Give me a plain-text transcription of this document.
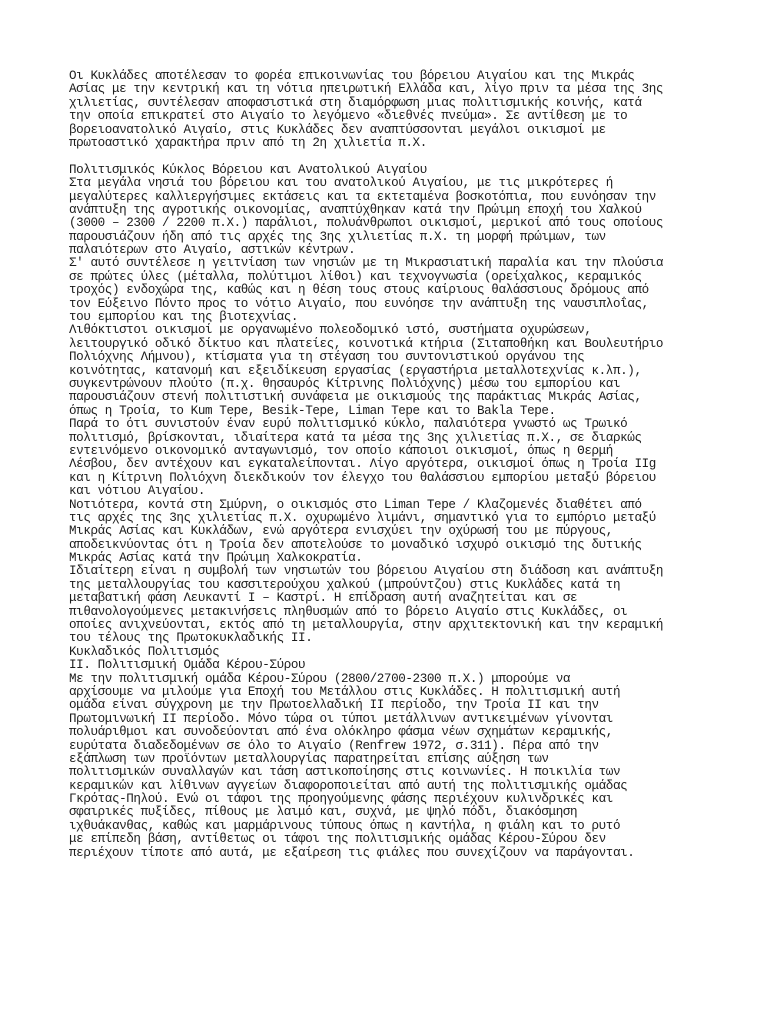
Οι Κυκλάδες αποτέλεσαν το φορέα επικοινωνίας του βόρειου Αιγαίου και της Μικράς
Ασίας με την κεντρική και τη νότια ηπειρωτική Ελλάδα και, λίγο πριν τα μέσα της 3ης
χιλιετίας, συντέλεσαν αποφασιστικά στη διαμόρφωση μιας πολιτισμικής κοινής, κατά
την οποία επικρατεί στο Αιγαίο το λεγόμενο «διεθνές πνεύμα». Σε αντίθεση με το
βορειοανατολικό Αιγαίο, στις Κυκλάδες δεν αναπτύσσονται μεγάλοι οικισμοί με
πρωτοαστικό χαρακτήρα πριν από τη 2η χιλιετία π.Χ.
Πολιτισμικός Κύκλος Βόρειου και Ανατολικού Αιγαίου
Στα μεγάλα νησιά του βόρειου και του ανατολικού Αιγαίου, με τις μικρότερες ή
μεγαλύτερες καλλιεργήσιμες εκτάσεις και τα εκτεταμένα βοσκοτόπια, που ευνόησαν την
ανάπτυξη της αγροτικής οικονομίας, αναπτύχθηκαν κατά την Πρώιμη εποχή του Χαλκού
(3000 – 2300 / 2200 π.Χ.) παράλιοι, πολυάνθρωποι οικισμοί, μερικοί από τους οποίους
παρουσιάζουν ήδη από τις αρχές της 3ης χιλιετίας π.Χ. τη μορφή πρώιμων, των
παλαιότερων στο Αιγαίο, αστικών κέντρων.
Σ' αυτό συντέλεσε η γειτνίαση των νησιών με τη Μικρασιατική παραλία και την πλούσια
σε πρώτες ύλες (μέταλλα, πολύτιμοι λίθοι) και τεχνογνωσία (ορείχαλκος, κεραμικός
τροχός) ενδοχώρα της, καθώς και η θέση τους στους καίριους θαλάσσιους δρόμους από
τον Εύξεινο Πόντο προς το νότιο Αιγαίο, που ευνόησε την ανάπτυξη της ναυσιπλοΐας,
του εμπορίου και της βιοτεχνίας.
Λιθόκτιστοι οικισμοί με οργανωμένο πολεοδομικό ιστό, συστήματα οχυρώσεων,
λειτουργικό οδικό δίκτυο και πλατείες, κοινοτικά κτήρια (Σιταποθήκη και Βουλευτήριο
Πολιόχνης Λήμνου), κτίσματα για τη στέγαση του συντονιστικού οργάνου της
κοινότητας, κατανομή και εξειδίκευση εργασίας (εργαστήρια μεταλλοτεχνίας κ.λπ.),
συγκεντρώνουν πλούτο (π.χ. θησαυρός Κίτρινης Πολιόχνης) μέσω του εμπορίου και
παρουσιάζουν στενή πολιτιστική συνάφεια με οικισμούς της παράκτιας Μικράς Ασίας,
όπως η Τροία, το Kum Tepe, Besik-Tepe, Liman Tepe και το Bakla Tepe.
Παρά το ότι συνιστούν έναν ευρύ πολιτισμικό κύκλο, παλαιότερα γνωστό ως Τρωικό
πολιτισμό, βρίσκονται, ιδιαίτερα κατά τα μέσα της 3ης χιλιετίας π.Χ., σε διαρκώς
εντεινόμενο οικονομικό ανταγωνισμό, τον οποίο κάποιοι οικισμοί, όπως η Θερμή
Λέσβου, δεν αντέχουν και εγκαταλείπονται. Λίγο αργότερα, οικισμοί όπως η Τροία IIg
και η Κίτρινη Πολιόχνη διεκδικούν τον έλεγχο του θαλάσσιου εμπορίου μεταξύ βόρειου
και νότιου Αιγαίου.
Νοτιότερα, κοντά στη Σμύρνη, ο οικισμός στο Liman Tepe / Κλαζομενές διαθέτει από
τις αρχές της 3ης χιλιετίας π.Χ. οχυρωμένο λιμάνι, σημαντικό για το εμπόριο μεταξύ
Μικράς Ασίας και Κυκλάδων, ενώ αργότερα ενισχύει την οχύρωσή του με πύργους,
αποδεικνύοντας ότι η Τροία δεν αποτελούσε το μοναδικό ισχυρό οικισμό της δυτικής
Μικράς Ασίας κατά την Πρώιμη Χαλκοκρατία.
Ιδιαίτερη είναι η συμβολή των νησιωτών του βόρειου Αιγαίου στη διάδοση και ανάπτυξη
της μεταλλουργίας του κασσιτερούχου χαλκού (μπρούντζου) στις Κυκλάδες κατά τη
μεταβατική φάση Λευκαντί Ι – Καστρί. Η επίδραση αυτή αναζητείται και σε
πιθανολογούμενες μετακινήσεις πληθυσμών από το βόρειο Αιγαίο στις Κυκλάδες, οι
οποίες ανιχνεύονται, εκτός από τη μεταλλουργία, στην αρχιτεκτονική και την κεραμική
του τέλους της Πρωτοκυκλαδικής ΙΙ.
Κυκλαδικός Πολιτισμός
ΙΙ. Πολιτισμική Ομάδα Κέρου-Σύρου
Με την πολιτισμική ομάδα Κέρου-Σύρου (2800/2700-2300 π.Χ.) μπορούμε να
αρχίσουμε να μιλούμε για Εποχή του Μετάλλου στις Κυκλάδες. Η πολιτισμική αυτή
ομάδα είναι σύγχρονη με την Πρωτοελλαδική ΙΙ περίοδο, την Τροία ΙΙ και την
Πρωτομινωική ΙΙ περίοδο. Μόνο τώρα οι τύποι μετάλλινων αντικειμένων γίνονται
πολυάριθμοι και συνοδεύονται από ένα ολόκληρο φάσμα νέων σχημάτων κεραμικής,
ευρύτατα διαδεδομένων σε όλο το Αιγαίο (Renfrew 1972, σ.311). Πέρα από την
εξάπλωση των προϊόντων μεταλλουργίας παρατηρείται επίσης αύξηση των
πολιτισμικών συναλλαγών και τάση αστικοποίησης στις κοινωνίες. Η ποικιλία των
κεραμικών και λίθινων αγγείων διαφοροποιείται από αυτή της πολιτισμικής ομάδας
Γκρότας-Πηλού. Ενώ οι τάφοι της προηγούμενης φάσης περιέχουν κυλινδρικές και
σφαιρικές πυξίδες, πίθους με λαιμό και, συχνά, με ψηλό πόδι, διακόσμηση
ιχθυάκανθας, καθώς και μαρμάρινους τύπους όπως η καντήλα, η φιάλη και το ρυτό
με επίπεδη βάση, αντίθετως οι τάφοι της πολιτισμικής ομάδας Κέρου-Σύρου δεν
περιέχουν τίποτε από αυτά, με εξαίρεση τις φιάλες που συνεχίζουν να παράγονται.
